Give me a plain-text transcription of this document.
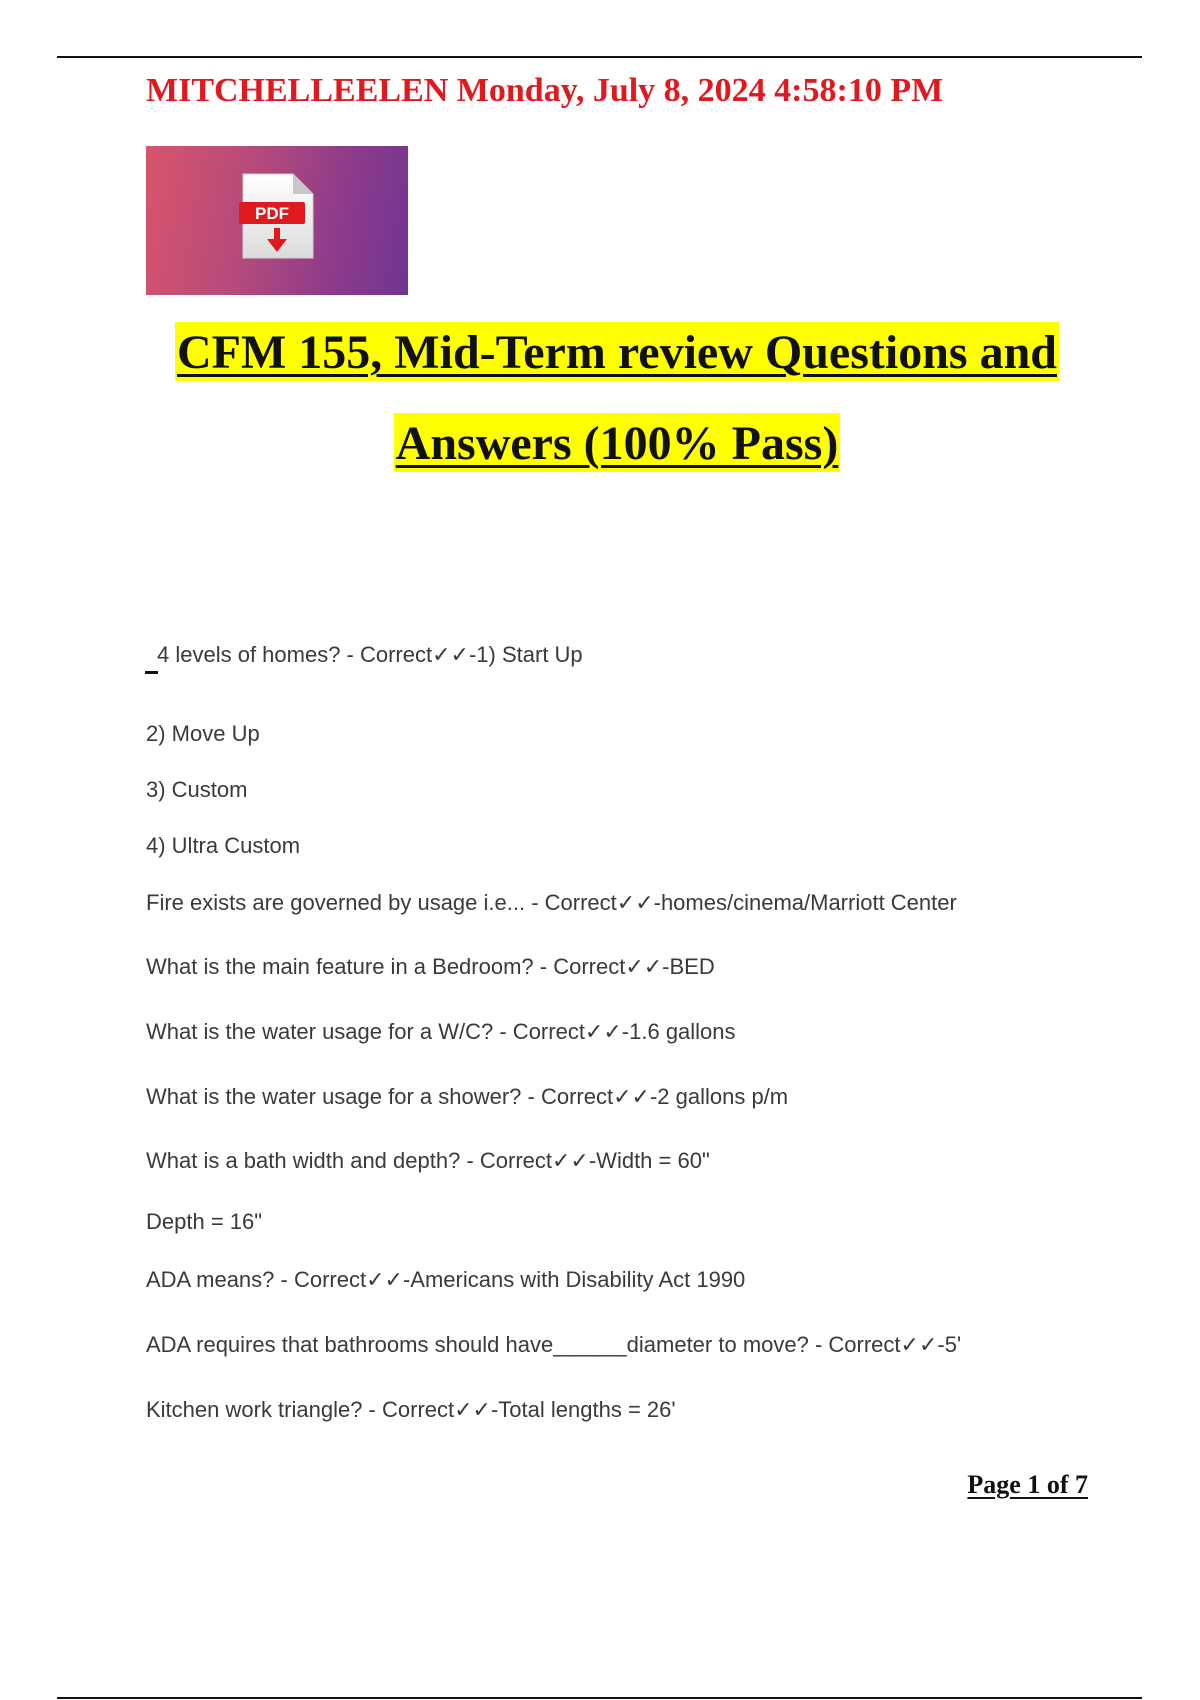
MITCHELLEELEN Monday, July 8, 2024 4:58:10 PM
PDF
CFM 155, Mid-Term review Questions and
Answers (100% Pass)
4 levels of homes? - Correct✓✓-1) Start Up
2) Move Up
3) Custom
4) Ultra Custom
Fire exists are governed by usage i.e... - Correct✓✓-homes/cinema/Marriott Center
What is the main feature in a Bedroom? - Correct✓✓-BED
What is the water usage for a W/C? - Correct✓✓-1.6 gallons
What is the water usage for a shower? - Correct✓✓-2 gallons p/m
What is a bath width and depth? - Correct✓✓-Width = 60"
Depth = 16"
ADA means? - Correct✓✓-Americans with Disability Act 1990
ADA requires that bathrooms should have______diameter to move? - Correct✓✓-5'
Kitchen work triangle? - Correct✓✓-Total lengths = 26'
Page 1 of 7
